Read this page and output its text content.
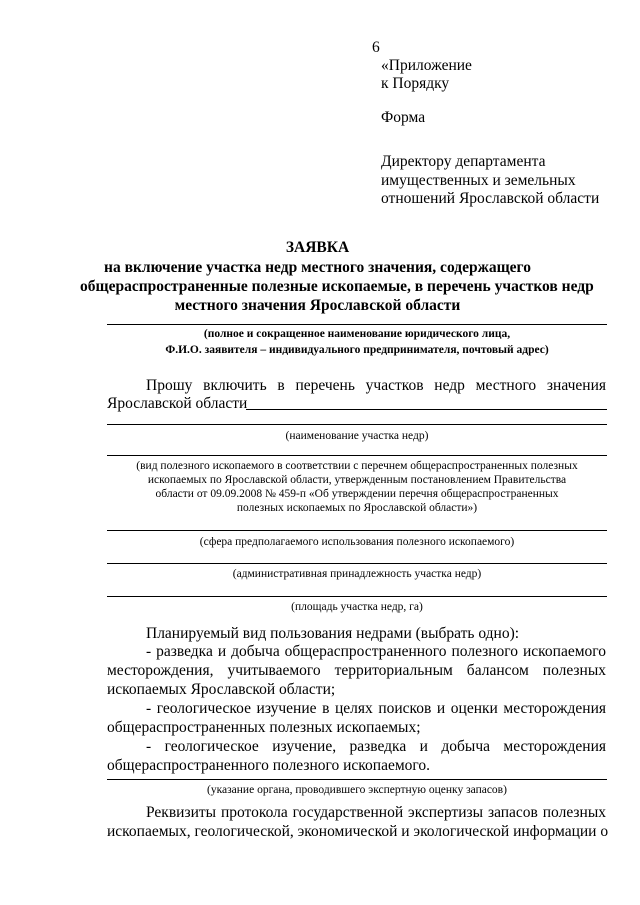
6
«Приложение
к Порядку
Форма
Директору департамента
имущественных и земельных
отношений Ярославской области
ЗАЯВКА
на включение участка недр местного значения, содержащего
общераспространенные полезные ископаемые, в перечень участков недр
местного значения Ярославской области
(полное и сокращенное наименование юридического лица,
Ф.И.О. заявителя – индивидуального предпринимателя, почтовый адрес)
Прошу включить в перечень участков недр местного значения
Ярославской области
(наименование участка недр)
(вид полезного ископаемого в соответствии с перечнем общераспространенных полезных
ископаемых по Ярославской области, утвержденным постановлением Правительства
области от 09.09.2008 № 459-п «Об утверждении перечня общераспространенных
полезных ископаемых по Ярославской области»)
(сфера предполагаемого использования полезного ископаемого)
(административная принадлежность участка недр)
(площадь участка недр, га)
Планируемый вид пользования недрами (выбрать одно):
- разведка и добыча общераспространенного полезного ископаемого
месторождения, учитываемого территориальным балансом полезных
ископаемых Ярославской области;
- геологическое изучение в целях поисков и оценки месторождения
общераспространенных полезных ископаемых;
- геологическое изучение, разведка и добыча месторождения
общераспространенного полезного ископаемого.
(указание органа, проводившего экспертную оценку запасов)
Реквизиты протокола государственной экспертизы запасов полезных
ископаемых, геологической, экономической и экологической информации о
